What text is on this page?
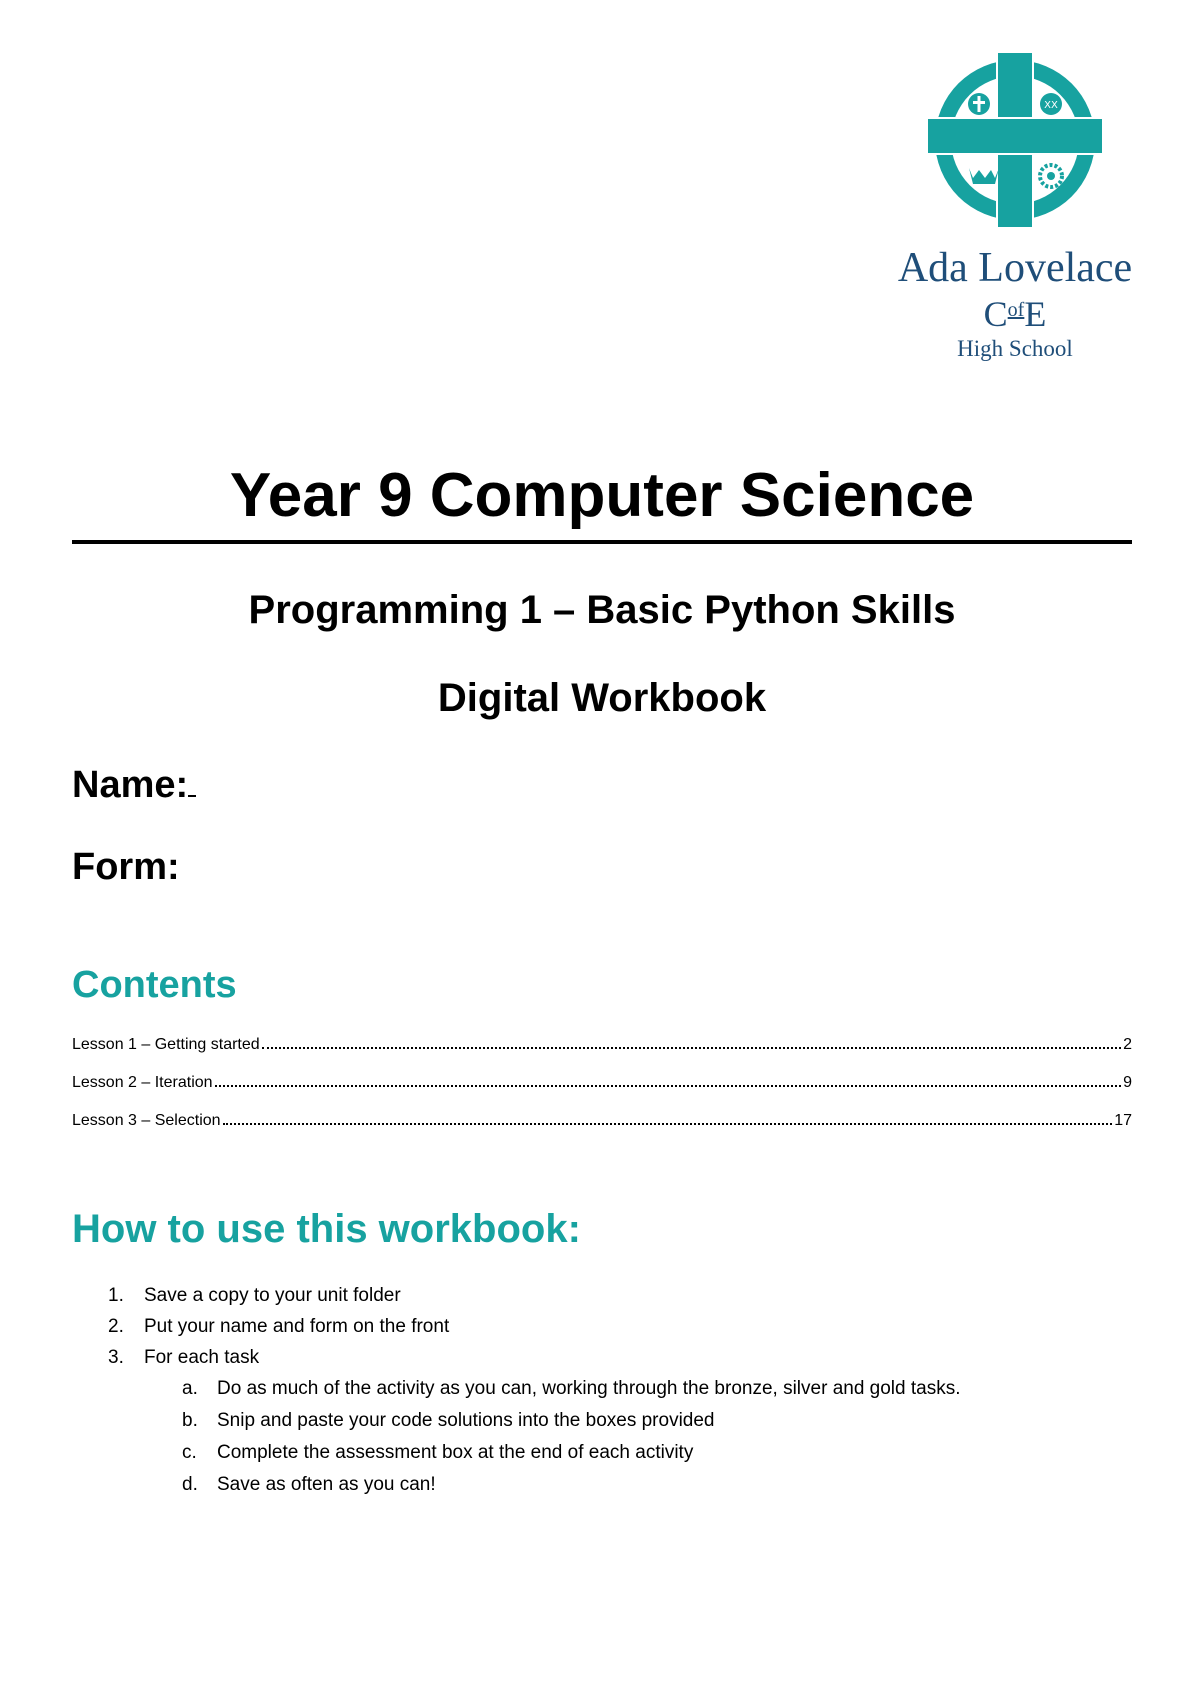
XX
Ada Lovelace
$C^{of}E$
High School
Year 9 Computer Science
Programming 1 – Basic Python Skills
Digital Workbook
Name:
Form:
Contents
Lesson 1 – Getting started	2
Lesson 2 – Iteration	9
Lesson 3 – Selection	17
How to use this workbook:
1.	Save a copy to your unit folder
2.	Put your name and form on the front
3.	For each task
a.	Do as much of the activity as you can, working through the bronze, silver and gold tasks.
b.	Snip and paste your code solutions into the boxes provided
c.	Complete the assessment box at the end of each activity
d.	Save as often as you can!
